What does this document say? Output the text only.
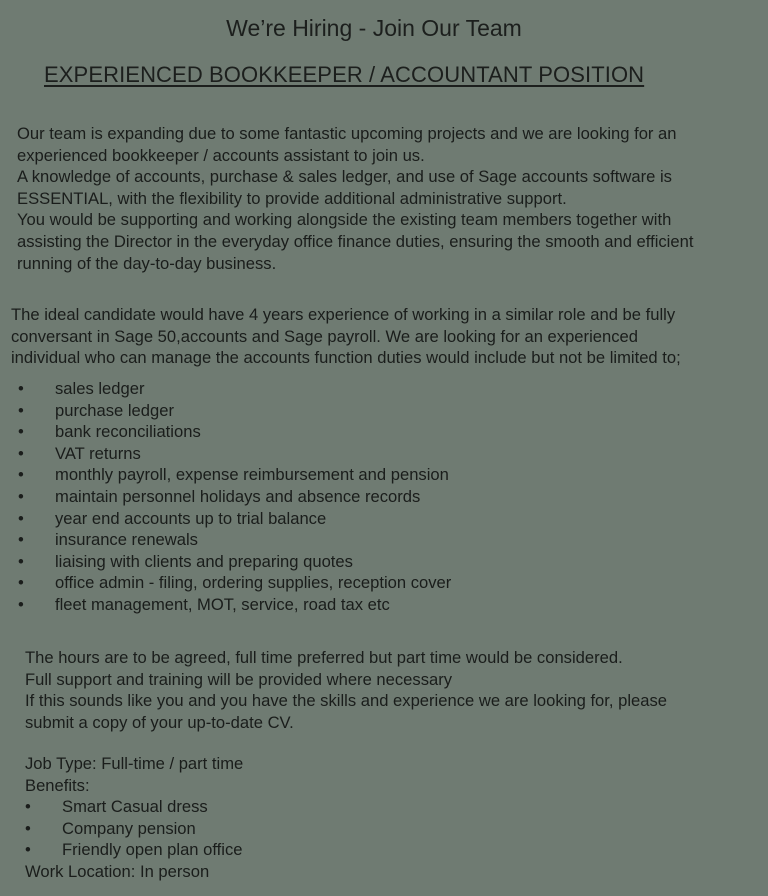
We’re Hiring - Join Our Team
EXPERIENCED BOOKKEEPER / ACCOUNTANT POSITION
Our team is expanding due to some fantastic upcoming projects and we are looking for an
experienced bookkeeper / accounts assistant to join us.
A knowledge of accounts, purchase & sales ledger, and use of Sage accounts software is
ESSENTIAL, with the flexibility to provide additional administrative support.
You would be supporting and working alongside the existing team members together with
assisting the Director in the everyday office finance duties, ensuring the smooth and efficient
running of the day-to-day business.
The ideal candidate would have 4 years experience of working in a similar role and be fully
conversant in Sage 50,accounts and Sage payroll. We are looking for an experienced
individual who can manage the accounts function duties would include but not be limited to;
•	sales ledger
•	purchase ledger
•	bank reconciliations
•	VAT returns
•	monthly payroll, expense reimbursement and pension
•	maintain personnel holidays and absence records
•	year end accounts up to trial balance
•	insurance renewals
•	liaising with clients and preparing quotes
•	office admin - filing, ordering supplies, reception cover
•	fleet management, MOT, service, road tax etc
The hours are to be agreed, full time preferred but part time would be considered.
Full support and training will be provided where necessary
If this sounds like you and you have the skills and experience we are looking for, please
submit a copy of your up-to-date CV.
Job Type: Full-time / part time
Benefits:
•	Smart Casual dress
•	Company pension
•	Friendly open plan office
Work Location: In person
